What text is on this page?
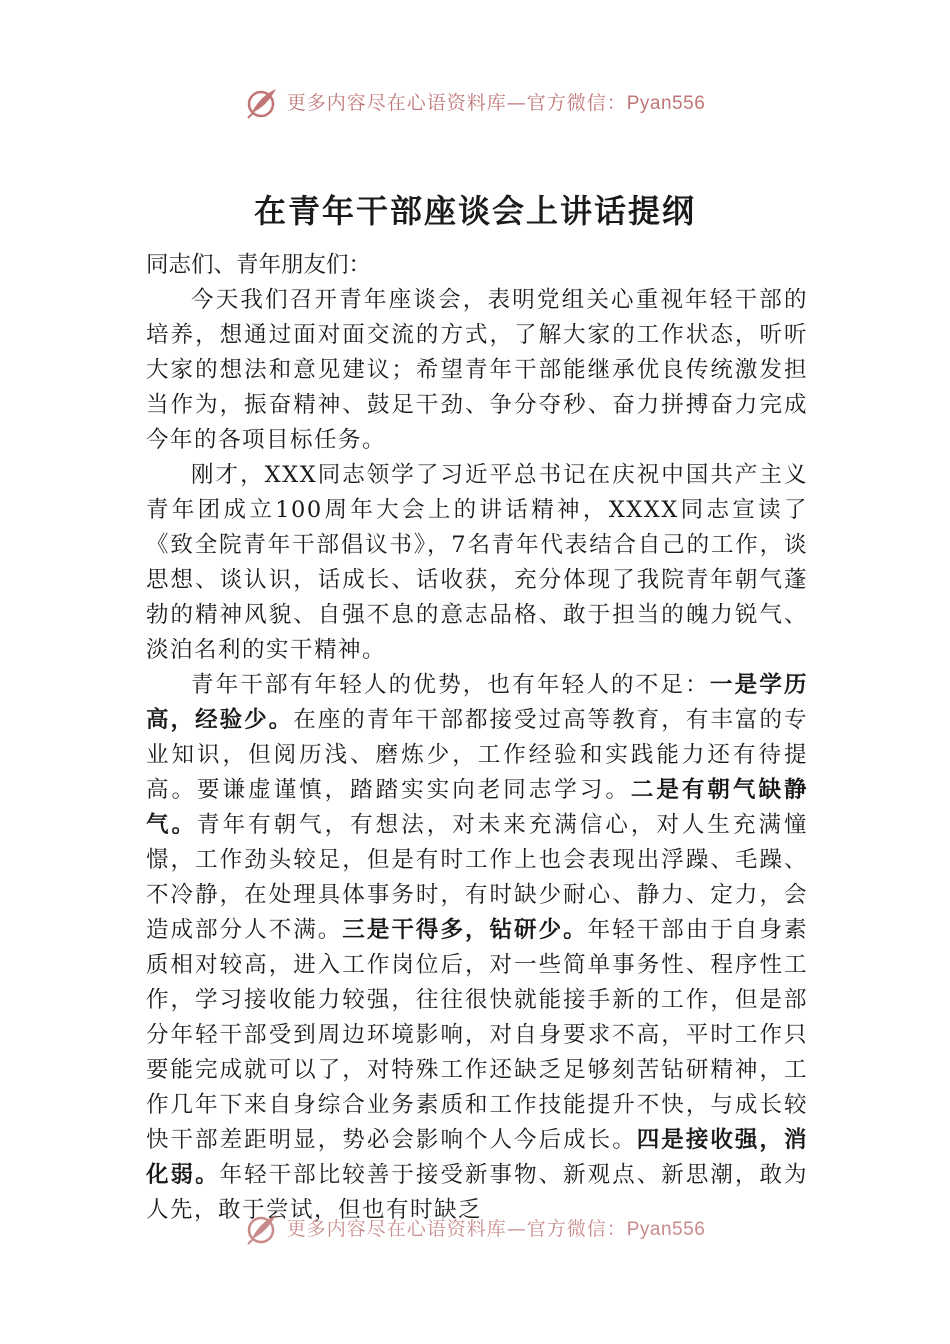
更多内容尽在心语资料库—官方微信： Pyan556
在青年干部座谈会上讲话提纲

同志们、青年朋友们：

今天我们召开青年座谈会，表明党组关心重视年轻干部的培养，想通过面对面交流的方式，了解大家的工作状态，听听大家的想法和意见建议；希望青年干部能继承优良传统激发担当作为，振奋精神、鼓足干劲、争分夺秒、奋力拼搏奋力完成今年的各项目标任务。

刚才，XXX同志领学了习近平总书记在庆祝中国共产主义青年团成立100周年大会上的讲话精神，XXXX同志宣读了《致全院青年干部倡议书》，7名青年代表结合自己的工作，谈思想、谈认识，话成长、话收获，充分体现了我院青年朝气蓬勃的精神风貌、自强不息的意志品格、敢于担当的魄力锐气、淡泊名利的实干精神。

青年干部有年轻人的优势，也有年轻人的不足：一是学历高，经验少。在座的青年干部都接受过高等教育，有丰富的专业知识，但阅历浅、磨炼少，工作经验和实践能力还有待提高。要谦虚谨慎，踏踏实实向老同志学习。二是有朝气缺静气。青年有朝气，有想法，对未来充满信心，对人生充满憧憬，工作劲头较足，但是有时工作上也会表现出浮躁、毛躁、不冷静，在处理具体事务时，有时缺少耐心、静力、定力，会造成部分人不满。三是干得多，钻研少。年轻干部由于自身素质相对较高，进入工作岗位后，对一些简单事务性、程序性工作，学习接收能力较强，往往很快就能接手新的工作，但是部分年轻干部受到周边环境影响，对自身要求不高，平时工作只要能完成就可以了，对特殊工作还缺乏足够刻苦钻研精神，工作几年下来自身综合业务素质和工作技能提升不快，与成长较快干部差距明显，势必会影响个人今后成长。四是接收强，消化弱。年轻干部比较善于接受新事物、新观点、新思潮，敢为人先，敢于尝试，但也有时缺乏

更多内容尽在心语资料库—官方微信： Pyan556
